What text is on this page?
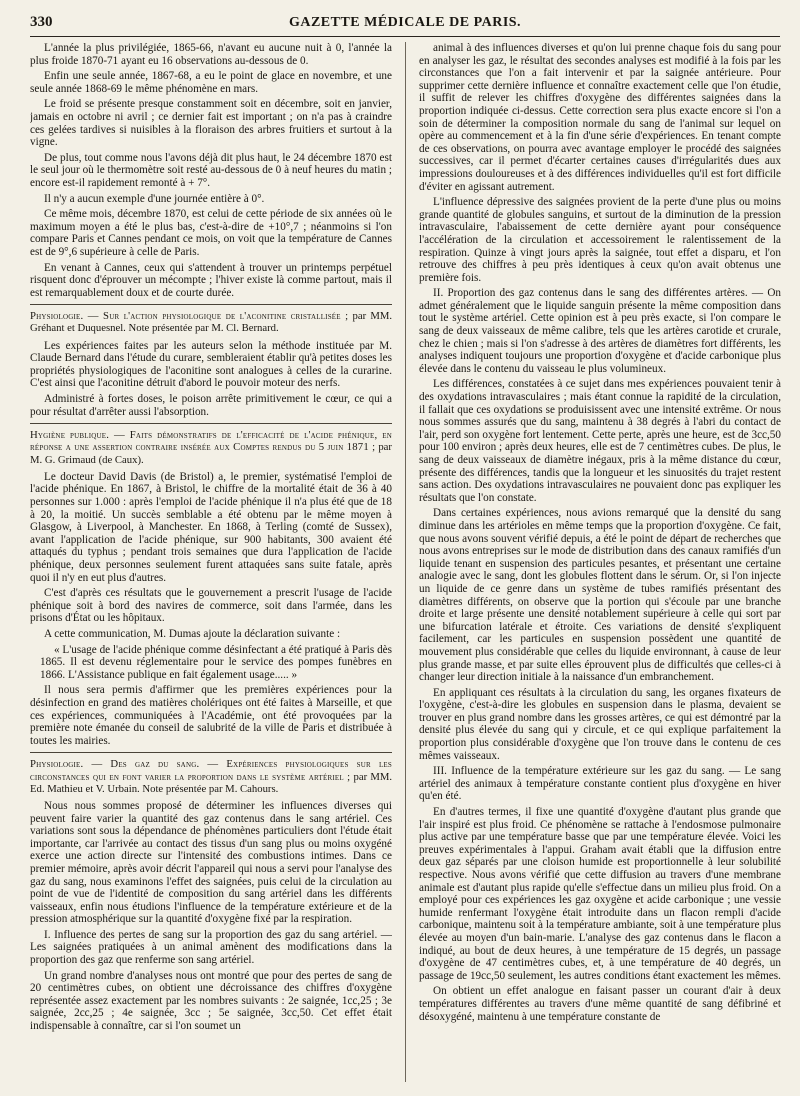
330	GAZETTE MÉDICALE DE PARIS.

L'année la plus privilégiée, 1865-66, n'avant eu aucune nuit à 0, l'année la plus froide 1870-71 ayant eu 16 observations au-dessous de 0.

Enfin une seule année, 1867-68, a eu le point de glace en novembre, et une seule année 1868-69 le même phénomène en mars.

Le froid se présente presque constamment soit en décembre, soit en janvier, jamais en octobre ni avril ; ce dernier fait est important ; on n'a pas à craindre ces gelées tardives si nuisibles à la floraison des arbres fruitiers et surtout à la vigne.

De plus, tout comme nous l'avons déjà dit plus haut, le 24 décembre 1870 est le seul jour où le thermomètre soit resté au-dessous de 0 à neuf heures du matin ; encore est-il rapidement remonté à + 7°.

Il n'y a aucun exemple d'une journée entière à 0°.

Ce même mois, décembre 1870, est celui de cette période de six années où le maximum moyen a été le plus bas, c'est-à-dire de +10°,7 ; néanmoins si l'on compare Paris et Cannes pendant ce mois, on voit que la température de Cannes est de 9°,6 supérieure à celle de Paris.

En venant à Cannes, ceux qui s'attendent à trouver un printemps perpétuel risquent donc d'éprouver un mécompte ; l'hiver existe là comme partout, mais il est remarquablement doux et de courte durée.

Physiologie. — Sur l'action physiologique de l'aconitine cristallisée ; par MM. Gréhant et Duquesnel. Note présentée par M. Cl. Bernard.

Les expériences faites par les auteurs selon la méthode instituée par M. Claude Bernard dans l'étude du curare, sembleraient établir qu'à petites doses les propriétés physiologiques de l'aconitine sont analogues à celles de la curarine. C'est ainsi que l'aconitine détruit d'abord le pouvoir moteur des nerfs.

Administré à fortes doses, le poison arrête primitivement le cœur, ce qui a pour résultat d'arrêter aussi l'absorption.

Hygiène publique. — Faits démonstratifs de l'efficacité de l'acide phénique, en réponse a une assertion contraire insérée aux Comptes rendus du 5 juin 1871 ; par M. G. Grimaud (de Caux).

Le docteur David Davis (de Bristol) a, le premier, systématisé l'emploi de l'acide phénique. En 1867, à Bristol, le chiffre de la mortalité était de 36 à 40 personnes sur 1.000 : après l'emploi de l'acide phénique il n'a plus été que de 18 à 20, la moitié. Un succès semblable a été obtenu par le même moyen à Glasgow, à Liverpool, à Manchester. En 1868, à Terling (comté de Sussex), avant l'application de l'acide phénique, sur 900 habitants, 300 avaient été attaqués du typhus ; pendant trois semaines que dura l'application de l'acide phénique, deux personnes seulement furent attaquées sans suite fatale, après quoi il n'y en eut plus d'autres.

C'est d'après ces résultats que le gouvernement a prescrit l'usage de l'acide phénique soit à bord des navires de commerce, soit dans l'armée, dans les prisons d'État ou les hôpitaux.

A cette communication, M. Dumas ajoute la déclaration suivante :

« L'usage de l'acide phénique comme désinfectant a été pratiqué à Paris dès 1865. Il est devenu réglementaire pour le service des pompes funèbres en 1866. L'Assistance publique en fait également usage..... »

Il nous sera permis d'affirmer que les premières expériences pour la désinfection en grand des matières cholériques ont été faites à Marseille, et que ces expériences, communiquées à l'Académie, ont été provoquées par la première note émanée du conseil de salubrité de la ville de Paris et distribuée à toutes les mairies.

Physiologie. — Des gaz du sang. — Expériences physiologiques sur les circonstances qui en font varier la proportion dans le système artériel ; par MM. Ed. Mathieu et V. Urbain. Note présentée par M. Cahours.

Nous nous sommes proposé de déterminer les influences diverses qui peuvent faire varier la quantité des gaz contenus dans le sang artériel. Ces variations sont sous la dépendance de phénomènes particuliers dont l'étude était importante, car l'arrivée au contact des tissus d'un sang plus ou moins oxygéné exerce une action directe sur l'intensité des combustions intimes. Dans ce premier mémoire, après avoir décrit l'appareil qui nous a servi pour l'analyse des gaz du sang, nous examinons l'effet des saignées, puis celui de la circulation au point de vue de l'identité de composition du sang artériel dans les différents vaisseaux, enfin nous étudions l'influence de la température extérieure et de la pression atmosphérique sur la quantité d'oxygène fixé par la respiration.

I. Influence des pertes de sang sur la proportion des gaz du sang artériel. — Les saignées pratiquées à un animal amènent des modifications dans la proportion des gaz que renferme son sang artériel.

Un grand nombre d'analyses nous ont montré que pour des pertes de sang de 20 centimètres cubes, on obtient une décroissance des chiffres d'oxygène représentée assez exactement par les nombres suivants : 2e saignée, 1cc,25 ; 3e saignée, 2cc,25 ; 4e saignée, 3cc ; 5e saignée, 3cc,50. Cet effet était indispensable à connaître, car si l'on soumet un

animal à des influences diverses et qu'on lui prenne chaque fois du sang pour en analyser les gaz, le résultat des secondes analyses est modifié à la fois par les circonstances que l'on a fait intervenir et par la saignée antérieure. Pour supprimer cette dernière influence et connaître exactement celle que l'on étudie, il suffit de relever les chiffres d'oxygène des différentes saignées dans la proportion indiquée ci-dessus. Cette correction sera plus exacte encore si l'on a soin de déterminer la composition normale du sang de l'animal sur lequel on opère au commencement et à la fin d'une série d'expériences. En tenant compte de ces observations, on pourra avec avantage employer le procédé des saignées successives, car il permet d'écarter certaines causes d'irrégularités dues aux impressions douloureuses et à des différences individuelles qu'il est fort difficile d'éviter en agissant autrement.

L'influence dépressive des saignées provient de la perte d'une plus ou moins grande quantité de globules sanguins, et surtout de la diminution de la pression intravasculaire, l'abaissement de cette dernière ayant pour conséquence l'accélération de la circulation et accessoirement le ralentissement de la respiration. Quinze à vingt jours après la saignée, tout effet a disparu, et l'on retrouve des chiffres à peu près identiques à ceux qu'on avait obtenus une première fois.

II. Proportion des gaz contenus dans le sang des différentes artères. — On admet généralement que le liquide sanguin présente la même composition dans tout le système artériel. Cette opinion est à peu près exacte, si l'on compare le sang de deux vaisseaux de même calibre, tels que les artères carotide et crurale, chez le chien ; mais si l'on s'adresse à des artères de diamètres fort différents, les analyses indiquent toujours une proportion d'oxygène et d'acide carbonique plus élevée dans le contenu du vaisseau le plus volumineux.

Les différences, constatées à ce sujet dans mes expériences pouvaient tenir à des oxydations intravasculaires ; mais étant connue la rapidité de la circulation, il fallait que ces oxydations se produisissent avec une intensité extrême. Or nous nous sommes assurés que du sang, maintenu à 38 degrés à l'abri du contact de l'air, perd son oxygène fort lentement. Cette perte, après une heure, est de 3cc,50 pour 100 environ ; après deux heures, elle est de 7 centimètres cubes. De plus, le sang de deux vaisseaux de diamètre inégaux, pris à la même distance du cœur, présente des différences, tandis que la longueur et les sinuosités du trajet restent sans action. Des oxydations intravasculaires ne pouvaient donc pas expliquer les résultats que l'on constate.

Dans certaines expériences, nous avions remarqué que la densité du sang diminue dans les artérioles en même temps que la proportion d'oxygène. Ce fait, que nous avons souvent vérifié depuis, a été le point de départ de recherches que nous avons entreprises sur le mode de distribution dans des canaux ramifiés d'un liquide tenant en suspension des particules pesantes, et présentant une certaine analogie avec le sang, dont les globules flottent dans le sérum. Or, si l'on injecte un liquide de ce genre dans un système de tubes ramifiés présentant des diamètres différents, on observe que la portion qui s'écoule par une branche droite et large présente une densité notablement supérieure à celle qui sort par une bifurcation latérale et étroite. Ces variations de densité s'expliquent facilement, car les particules en suspension possèdent une quantité de mouvement plus considérable que celles du liquide environnant, à cause de leur plus grande masse, et par suite elles éprouvent plus de difficultés que celles-ci à changer leur direction initiale à la naissance d'un embranchement.

En appliquant ces résultats à la circulation du sang, les organes fixateurs de l'oxygène, c'est-à-dire les globules en suspension dans le plasma, devaient se trouver en plus grand nombre dans les grosses artères, ce qui est démontré par la densité plus élevée du sang qui y circule, et ce qui explique parfaitement la proportion plus considérable d'oxygène que l'on trouve dans le contenu de ces mêmes vaisseaux.

III. Influence de la température extérieure sur les gaz du sang. — Le sang artériel des animaux à température constante contient plus d'oxygène en hiver qu'en été.

En d'autres termes, il fixe une quantité d'oxygène d'autant plus grande que l'air inspiré est plus froid. Ce phénomène se rattache à l'endosmose pulmonaire plus active par une température basse que par une température élevée. Voici les preuves expérimentales à l'appui. Graham avait établi que la diffusion entre deux gaz séparés par une cloison humide est proportionnelle à leur solubilité respective. Nous avons vérifié que cette diffusion au travers d'une membrane animale est d'autant plus rapide qu'elle s'effectue dans un milieu plus froid. On a employé pour ces expériences les gaz oxygène et acide carbonique ; une vessie humide renfermant l'oxygène était introduite dans un flacon rempli d'acide carbonique, maintenu soit à la température ambiante, soit à une température plus élevée au moyen d'un bain-marie. L'analyse des gaz contenus dans le flacon a indiqué, au bout de deux heures, à une température de 15 degrés, un passage d'oxygène de 47 centimètres cubes, et, à une température de 40 degrés, un passage de 19cc,50 seulement, les autres conditions étant exactement les mêmes.

On obtient un effet analogue en faisant passer un courant d'air à deux températures différentes au travers d'une même quantité de sang défibriné et désoxygéné, maintenu à une température constante de
